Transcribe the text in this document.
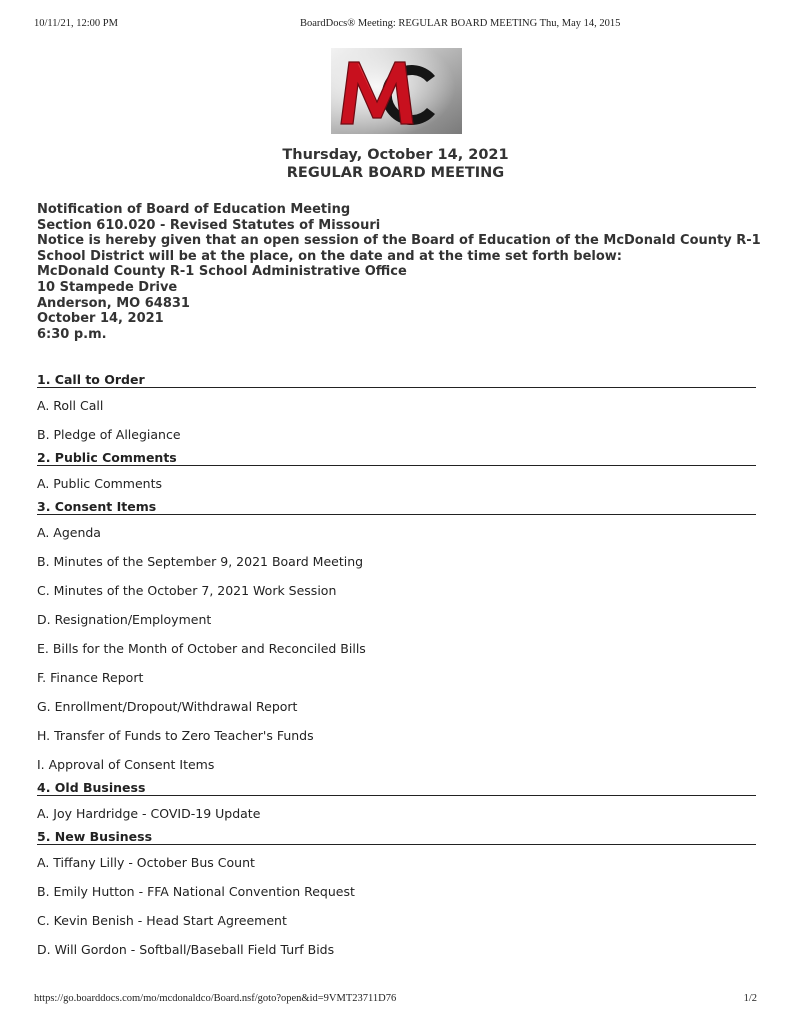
10/11/21, 12:00 PM	BoardDocs® Meeting: REGULAR BOARD MEETING Thu, May 14, 2015
Thursday, October 14, 2021
REGULAR BOARD MEETING
Notification of Board of Education Meeting
Section 610.020 - Revised Statutes of Missouri
Notice is hereby given that an open session of the Board of Education of the McDonald County R-1
School District will be at the place, on the date and at the time set forth below:
McDonald County R-1 School Administrative Office
10 Stampede Drive
Anderson, MO 64831
October 14, 2021
6:30 p.m.
1. Call to Order
A. Roll Call
B. Pledge of Allegiance
2. Public Comments
A. Public Comments
3. Consent Items
A. Agenda
B. Minutes of the September 9, 2021 Board Meeting
C. Minutes of the October 7, 2021 Work Session
D. Resignation/Employment
E. Bills for the Month of October and Reconciled Bills
F. Finance Report
G. Enrollment/Dropout/Withdrawal Report
H. Transfer of Funds to Zero Teacher's Funds
I. Approval of Consent Items
4. Old Business
A. Joy Hardridge - COVID-19 Update
5. New Business
A. Tiffany Lilly - October Bus Count
B. Emily Hutton - FFA National Convention Request
C. Kevin Benish - Head Start Agreement
D. Will Gordon - Softball/Baseball Field Turf Bids
https://go.boarddocs.com/mo/mcdonaldco/Board.nsf/goto?open&id=9VMT23711D76	1/2
